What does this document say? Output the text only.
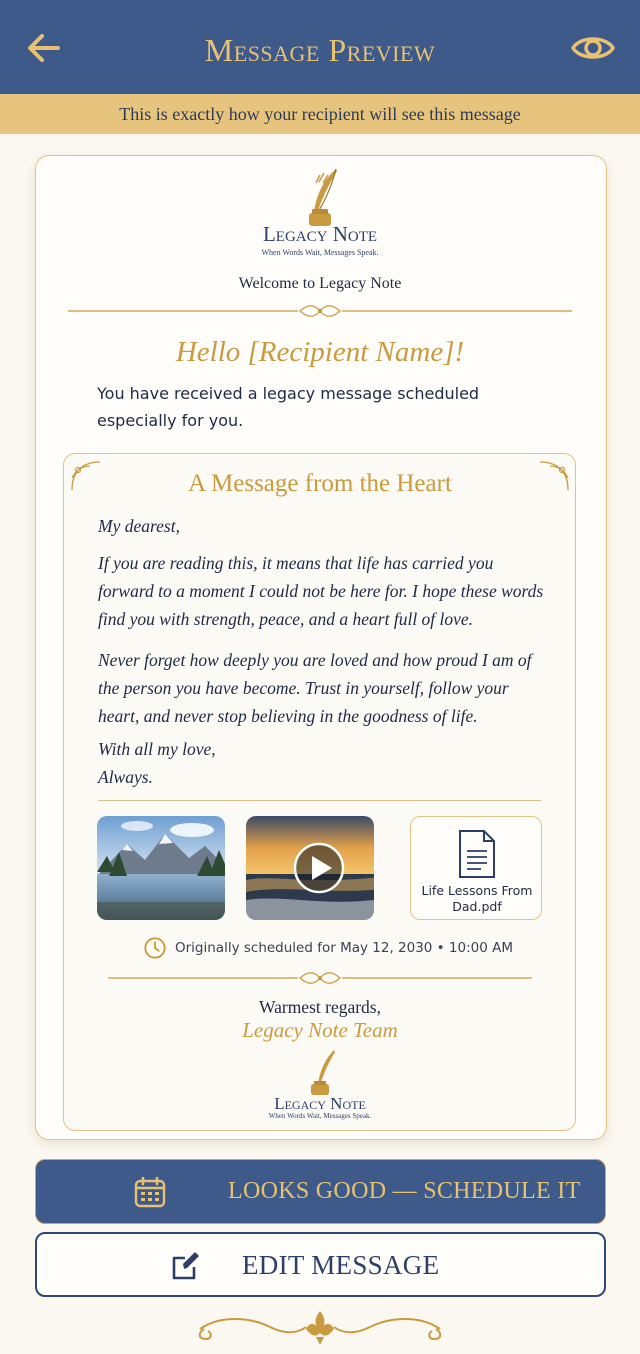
Message Preview
This is exactly how your recipient will see this message
Legacy Note
When Words Wait, Messages Speak.
Welcome to Legacy Note
Hello [Recipient Name]!
You have received a legacy message scheduled especially for you.
A Message from the Heart
My dearest,
If you are reading this, it means that life has carried you forward to a moment I could not be here for. I hope these words find you with strength, peace, and a heart full of love.
Never forget how deeply you are loved and how proud I am of the person you have become. Trust in yourself, follow your heart, and never stop believing in the goodness of life.
With all my love,
Always.
Life Lessons From Dad.pdf
Originally scheduled for May 12, 2030 • 10:00 AM
Warmest regards,
Legacy Note Team
Legacy Note
When Words Wait, Messages Speak.
LOOKS GOOD — SCHEDULE IT
EDIT MESSAGE
